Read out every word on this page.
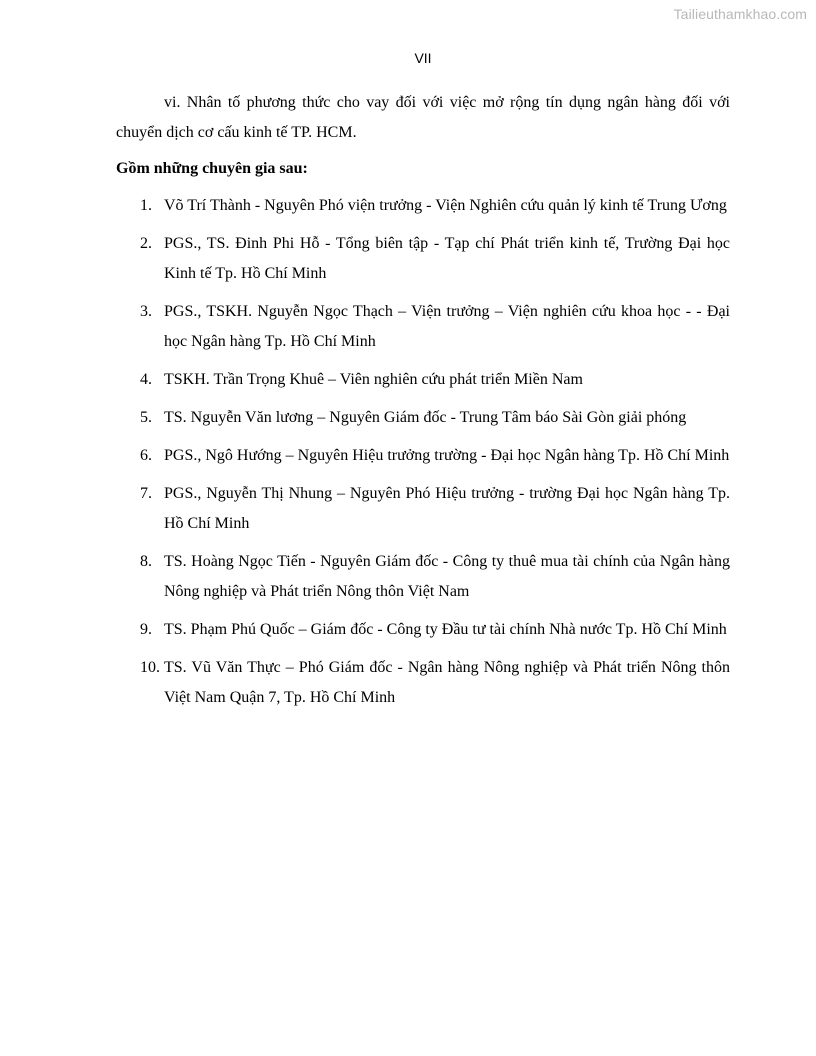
Tailieuthamkhao.com
VII

vi. Nhân tố phương thức cho vay đối với việc mở rộng tín dụng ngân hàng đối với chuyển dịch cơ cấu kinh tế TP. HCM.

Gồm những chuyên gia sau:

1. Võ Trí Thành - Nguyên Phó viện trưởng - Viện Nghiên cứu quản lý kinh tế Trung Ương
2. PGS., TS. Đinh Phi Hỗ - Tổng biên tập - Tạp chí Phát triển kinh tế, Trường Đại học Kinh tế Tp. Hồ Chí Minh
3. PGS., TSKH. Nguyễn Ngọc Thạch – Viện trưởng – Viện nghiên cứu khoa học - - Đại học Ngân hàng Tp. Hồ Chí Minh
4. TSKH. Trần Trọng Khuê – Viên nghiên cứu phát triển Miền Nam
5. TS. Nguyễn Văn lương – Nguyên Giám đốc - Trung Tâm báo Sài Gòn giải phóng
6. PGS., Ngô Hướng – Nguyên Hiệu trưởng trường - Đại học Ngân hàng Tp. Hồ Chí Minh
7. PGS., Nguyễn Thị Nhung – Nguyên Phó Hiệu trưởng - trường Đại học Ngân hàng Tp. Hồ Chí Minh
8. TS. Hoàng Ngọc Tiến - Nguyên Giám đốc - Công ty thuê mua tài chính của Ngân hàng Nông nghiệp và Phát triển Nông thôn Việt Nam
9. TS. Phạm Phú Quốc – Giám đốc - Công ty Đầu tư tài chính Nhà nước Tp. Hồ Chí Minh
10. TS. Vũ Văn Thực – Phó Giám đốc - Ngân hàng Nông nghiệp và Phát triển Nông thôn Việt Nam Quận 7, Tp. Hồ Chí Minh
